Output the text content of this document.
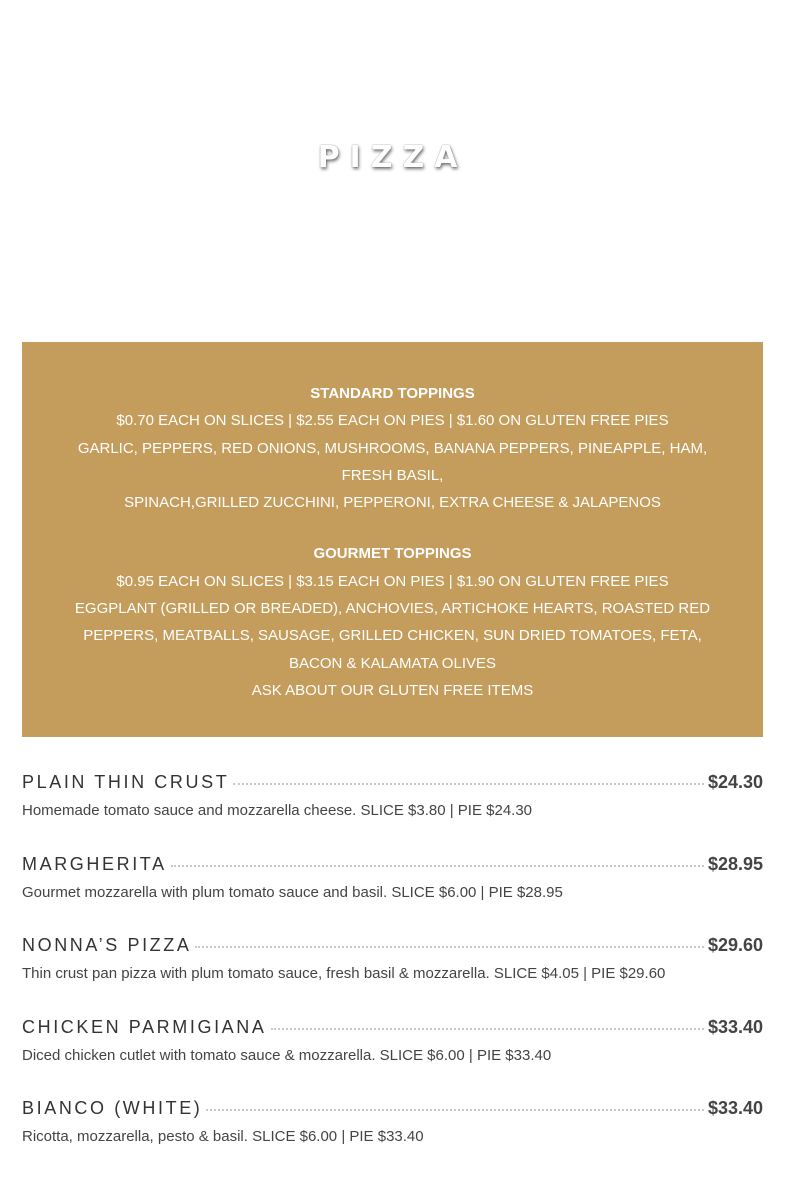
PIZZA
STANDARD TOPPINGS
$0.70 EACH ON SLICES | $2.55 EACH ON PIES | $1.60 ON GLUTEN FREE PIES
GARLIC, PEPPERS, RED ONIONS, MUSHROOMS, BANANA PEPPERS, PINEAPPLE, HAM,
FRESH BASIL,
SPINACH,GRILLED ZUCCHINI, PEPPERONI, EXTRA CHEESE & JALAPENOS
GOURMET TOPPINGS
$0.95 EACH ON SLICES | $3.15 EACH ON PIES | $1.90 ON GLUTEN FREE PIES
EGGPLANT (GRILLED OR BREADED), ANCHOVIES, ARTICHOKE HEARTS, ROASTED RED
PEPPERS, MEATBALLS, SAUSAGE, GRILLED CHICKEN, SUN DRIED TOMATOES, FETA,
BACON & KALAMATA OLIVES
ASK ABOUT OUR GLUTEN FREE ITEMS
PLAIN THIN CRUST	$24.30
Homemade tomato sauce and mozzarella cheese. SLICE $3.80 | PIE $24.30
MARGHERITA	$28.95
Gourmet mozzarella with plum tomato sauce and basil. SLICE $6.00 | PIE $28.95
NONNA’S PIZZA	$29.60
Thin crust pan pizza with plum tomato sauce, fresh basil & mozzarella. SLICE $4.05 | PIE $29.60
CHICKEN PARMIGIANA	$33.40
Diced chicken cutlet with tomato sauce & mozzarella. SLICE $6.00 | PIE $33.40
BIANCO (WHITE)	$33.40
Ricotta, mozzarella, pesto & basil. SLICE $6.00 | PIE $33.40
